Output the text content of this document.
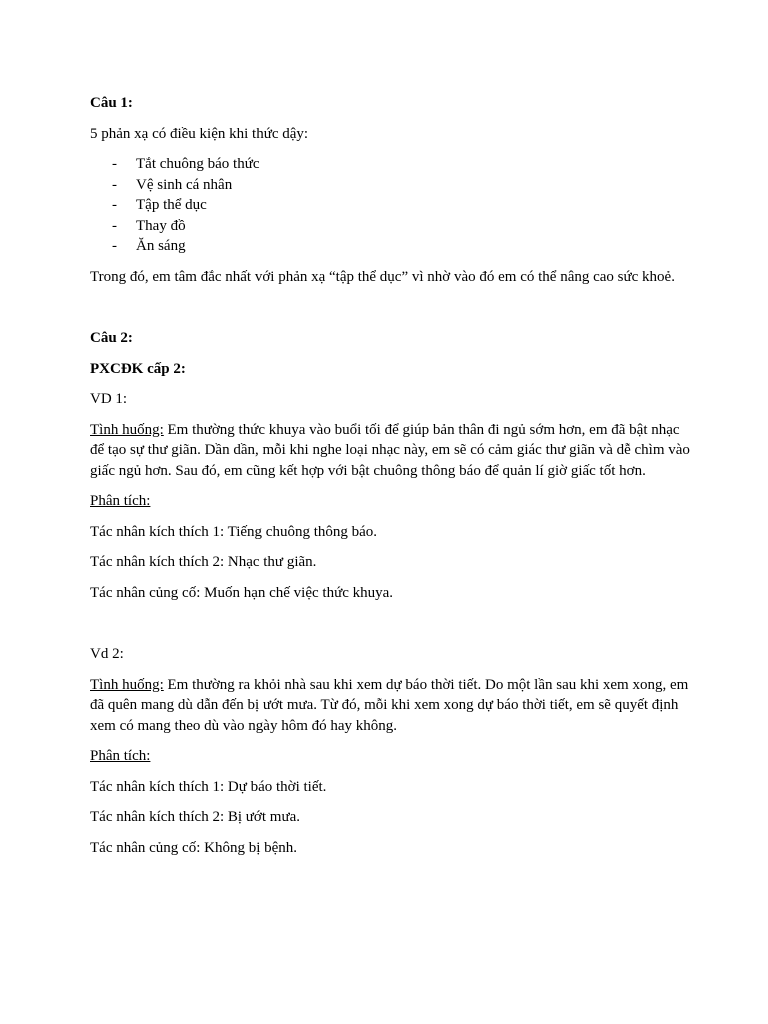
Câu 1:

5 phản xạ có điều kiện khi thức dậy:

- Tắt chuông báo thức
- Vệ sinh cá nhân
- Tập thể dục
- Thay đồ
- Ăn sáng

Trong đó, em tâm đắc nhất với phản xạ “tập thể dục” vì nhờ vào đó em có thể nâng cao sức khoẻ.

Câu 2:

PXCĐK cấp 2:

VD 1:

Tình huống: Em thường thức khuya vào buổi tối để giúp bản thân đi ngủ sớm hơn, em đã bật nhạc để tạo sự thư giãn. Dần dần, mỗi khi nghe loại nhạc này, em sẽ có cảm giác thư giãn và dễ chìm vào giấc ngủ hơn. Sau đó, em cũng kết hợp với bật chuông thông báo để quản lí giờ giấc tốt hơn.

Phân tích:

Tác nhân kích thích 1: Tiếng chuông thông báo.

Tác nhân kích thích 2: Nhạc thư giãn.

Tác nhân củng cố: Muốn hạn chế việc thức khuya.

Vd 2:

Tình huống: Em thường ra khỏi nhà sau khi xem dự báo thời tiết. Do một lần sau khi xem xong, em đã quên mang dù dẫn đến bị ướt mưa. Từ đó, mỗi khi xem xong dự báo thời tiết, em sẽ quyết định xem có mang theo dù vào ngày hôm đó hay không.

Phân tích:

Tác nhân kích thích 1: Dự báo thời tiết.

Tác nhân kích thích 2: Bị ướt mưa.

Tác nhân củng cố: Không bị bệnh.
